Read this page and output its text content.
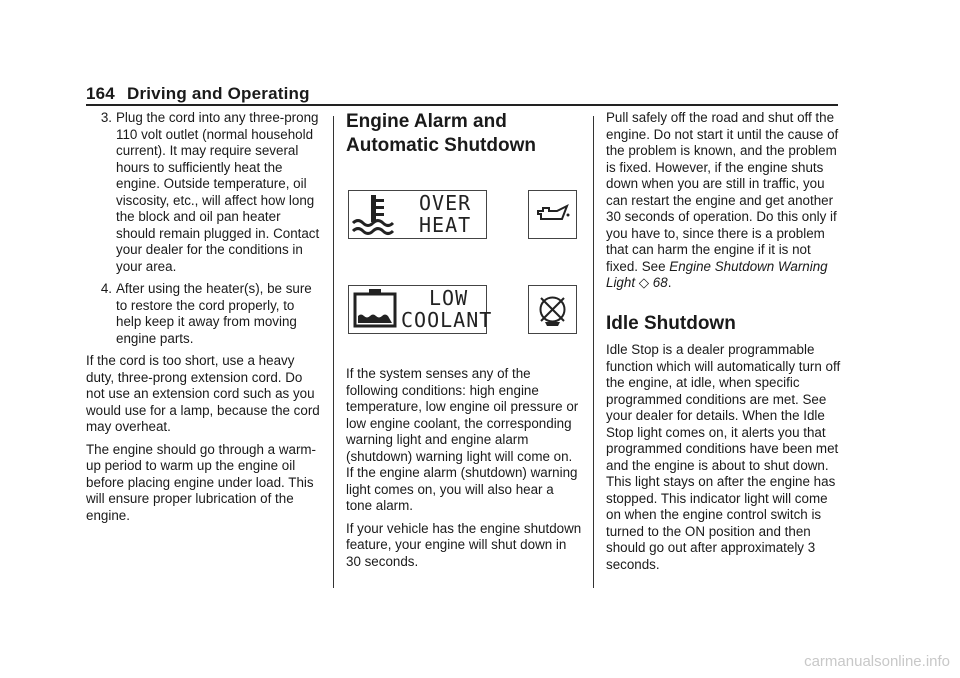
164 Driving and Operating
3. Plug the cord into any three-prong 110 volt outlet (normal household current). It may require several hours to sufficiently heat the engine. Outside temperature, oil viscosity, etc., will affect how long the block and oil pan heater should remain plugged in. Contact your dealer for the conditions in your area.
4. After using the heater(s), be sure to restore the cord properly, to help keep it away from moving engine parts.

If the cord is too short, use a heavy duty, three-prong extension cord. Do not use an extension cord such as you would use for a lamp, because the cord may overheat.

The engine should go through a warm-up period to warm up the engine oil before placing engine under load. This will ensure proper lubrication of the engine.

Engine Alarm and Automatic Shutdown
OVER
HEAT
LOW
COOLANT

If the system senses any of the following conditions: high engine temperature, low engine oil pressure or low engine coolant, the corresponding warning light and engine alarm (shutdown) warning light will come on. If the engine alarm (shutdown) warning light comes on, you will also hear a tone alarm.

If your vehicle has the engine shutdown feature, your engine will shut down in 30 seconds.

Pull safely off the road and shut off the engine. Do not start it until the cause of the problem is known, and the problem is fixed. However, if the engine shuts down when you are still in traffic, you can restart the engine and get another 30 seconds of operation. Do this only if you have to, since there is a problem that can harm the engine if it is not fixed. See Engine Shutdown Warning Light ◇ 68.

Idle Shutdown

Idle Stop is a dealer programmable function which will automatically turn off the engine, at idle, when specific programmed conditions are met. See your dealer for details. When the Idle Stop light comes on, it alerts you that programmed conditions have been met and the engine is about to shut down. This light stays on after the engine has stopped. This indicator light will come on when the engine control switch is turned to the ON position and then should go out after approximately 3 seconds.

carmanualsonline.info
